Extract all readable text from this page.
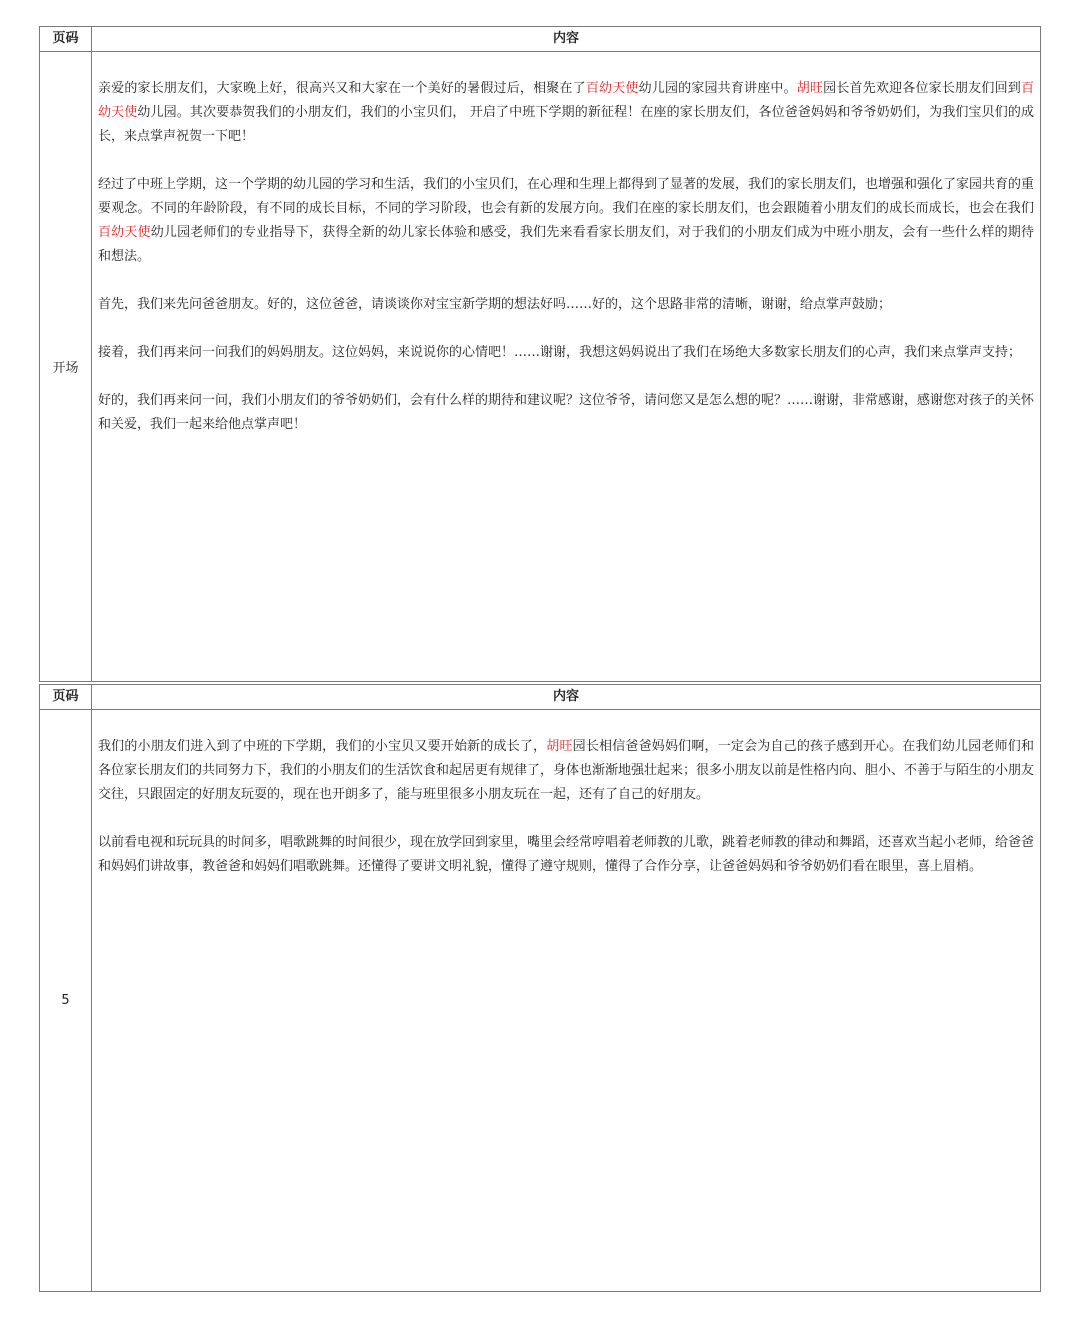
页码	内容
开场

亲爱的家长朋友们，大家晚上好，很高兴又和大家在一个美好的暑假过后，相聚在了百幼天使幼儿园的家园共育讲座中。胡旺园长首先欢迎各位家长朋友们回到百幼天使幼儿园。其次要恭贺我们的小朋友们，我们的小宝贝们， 开启了中班下学期的新征程！在座的家长朋友们，各位爸爸妈妈和爷爷奶奶们，为我们宝贝们的成长，来点掌声祝贺一下吧！

经过了中班上学期，这一个学期的幼儿园的学习和生活，我们的小宝贝们，在心理和生理上都得到了显著的发展，我们的家长朋友们，也增强和强化了家园共育的重要观念。不同的年龄阶段，有不同的成长目标，不同的学习阶段，也会有新的发展方向。我们在座的家长朋友们，也会跟随着小朋友们的成长而成长，也会在我们百幼天使幼儿园老师们的专业指导下，获得全新的幼儿家长体验和感受，我们先来看看家长朋友们，对于我们的小朋友们成为中班小朋友，会有一些什么样的期待和想法。

首先，我们来先问爸爸朋友。好的，这位爸爸，请谈谈你对宝宝新学期的想法好吗……好的，这个思路非常的清晰，谢谢，给点掌声鼓励；

接着，我们再来问一问我们的妈妈朋友。这位妈妈，来说说你的心情吧！……谢谢，我想这妈妈说出了我们在场绝大多数家长朋友们的心声，我们来点掌声支持；

好的，我们再来问一问，我们小朋友们的爷爷奶奶们，会有什么样的期待和建议呢？这位爷爷，请问您又是怎么想的呢？……谢谢，非常感谢，感谢您对孩子的关怀和关爱，我们一起来给他点掌声吧！

页码	内容
5

我们的小朋友们进入到了中班的下学期，我们的小宝贝又要开始新的成长了，胡旺园长相信爸爸妈妈们啊，一定会为自己的孩子感到开心。在我们幼儿园老师们和各位家长朋友们的共同努力下，我们的小朋友们的生活饮食和起居更有规律了，身体也渐渐地强壮起来；很多小朋友以前是性格内向、胆小、不善于与陌生的小朋友交往，只跟固定的好朋友玩耍的，现在也开朗多了，能与班里很多小朋友玩在一起，还有了自己的好朋友。

以前看电视和玩玩具的时间多，唱歌跳舞的时间很少，现在放学回到家里，嘴里会经常哼唱着老师教的儿歌，跳着老师教的律动和舞蹈，还喜欢当起小老师，给爸爸和妈妈们讲故事，教爸爸和妈妈们唱歌跳舞。还懂得了要讲文明礼貌，懂得了遵守规则，懂得了合作分享，让爸爸妈妈和爷爷奶奶们看在眼里，喜上眉梢。
